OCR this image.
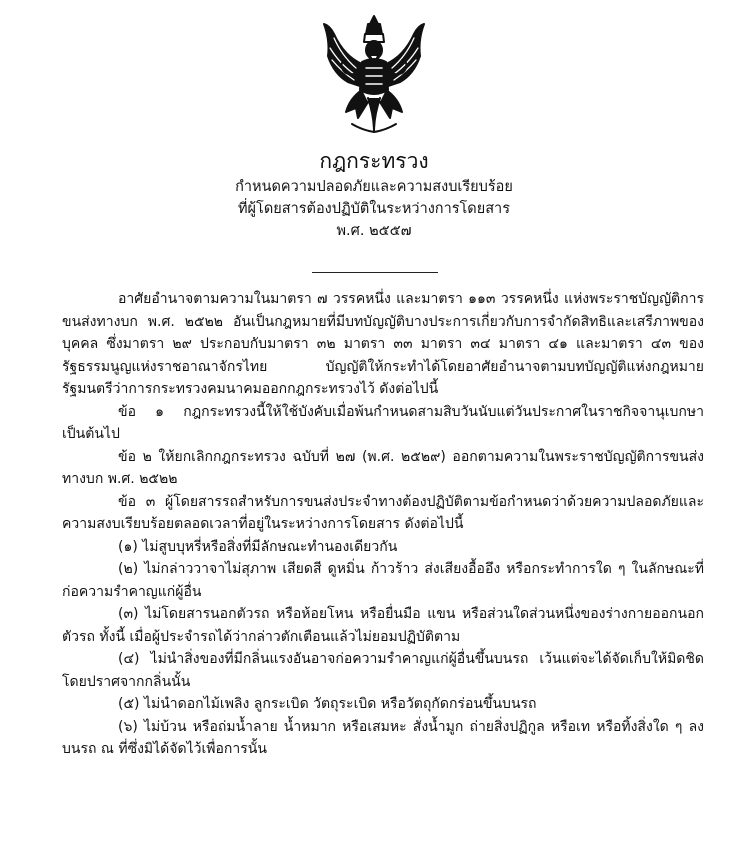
กฎกระทรวง

กำหนดความปลอดภัยและความสงบเรียบร้อย

ที่ผู้โดยสารต้องปฏิบัติในระหว่างการโดยสาร

พ.ศ. ๒๕๕๗

อาศัยอำนาจตามความในมาตรา ๗ วรรคหนึ่ง และมาตรา ๑๑๓ วรรคหนึ่ง แห่งพระราชบัญญัติการขนส่งทางบก พ.ศ. ๒๕๒๒ อันเป็นกฎหมายที่มีบทบัญญัติบางประการเกี่ยวกับการจำกัดสิทธิและเสรีภาพของบุคคล ซึ่งมาตรา ๒๙ ประกอบกับมาตรา ๓๒ มาตรา ๓๓ มาตรา ๓๔ มาตรา ๔๑ และมาตรา ๔๓ ของรัฐธรรมนูญแห่งราชอาณาจักรไทย บัญญัติให้กระทำได้โดยอาศัยอำนาจตามบทบัญญัติแห่งกฎหมาย รัฐมนตรีว่าการกระทรวงคมนาคมออกกฎกระทรวงไว้ ดังต่อไปนี้

ข้อ ๑ กฎกระทรวงนี้ให้ใช้บังคับเมื่อพ้นกำหนดสามสิบวันนับแต่วันประกาศในราชกิจจานุเบกษาเป็นต้นไป

ข้อ ๒ ให้ยกเลิกกฎกระทรวง ฉบับที่ ๒๗ (พ.ศ. ๒๕๒๙) ออกตามความในพระราชบัญญัติการขนส่งทางบก พ.ศ. ๒๕๒๒

ข้อ ๓ ผู้โดยสารรถสำหรับการขนส่งประจำทางต้องปฏิบัติตามข้อกำหนดว่าด้วยความปลอดภัยและความสงบเรียบร้อยตลอดเวลาที่อยู่ในระหว่างการโดยสาร ดังต่อไปนี้

(๑) ไม่สูบบุหรี่หรือสิ่งที่มีลักษณะทำนองเดียวกัน

(๒) ไม่กล่าววาจาไม่สุภาพ เสียดสี ดูหมิ่น ก้าวร้าว ส่งเสียงอื้ออึง หรือกระทำการใด ๆ ในลักษณะที่ก่อความรำคาญแก่ผู้อื่น

(๓) ไม่โดยสารนอกตัวรถ หรือห้อยโหน หรือยื่นมือ แขน หรือส่วนใดส่วนหนึ่งของร่างกายออกนอกตัวรถ ทั้งนี้ เมื่อผู้ประจำรถได้ว่ากล่าวตักเตือนแล้วไม่ยอมปฏิบัติตาม

(๔) ไม่นำสิ่งของที่มีกลิ่นแรงอันอาจก่อความรำคาญแก่ผู้อื่นขึ้นบนรถ เว้นแต่จะได้จัดเก็บให้มิดชิดโดยปราศจากกลิ่นนั้น

(๕) ไม่นำดอกไม้เพลิง ลูกระเบิด วัตถุระเบิด หรือวัตถุกัดกร่อนขึ้นบนรถ

(๖) ไม่บ้วน หรือถ่มน้ำลาย น้ำหมาก หรือเสมหะ สั่งน้ำมูก ถ่ายสิ่งปฏิกูล หรือเท หรือทิ้งสิ่งใด ๆ ลงบนรถ ณ ที่ซึ่งมิได้จัดไว้เพื่อการนั้น
